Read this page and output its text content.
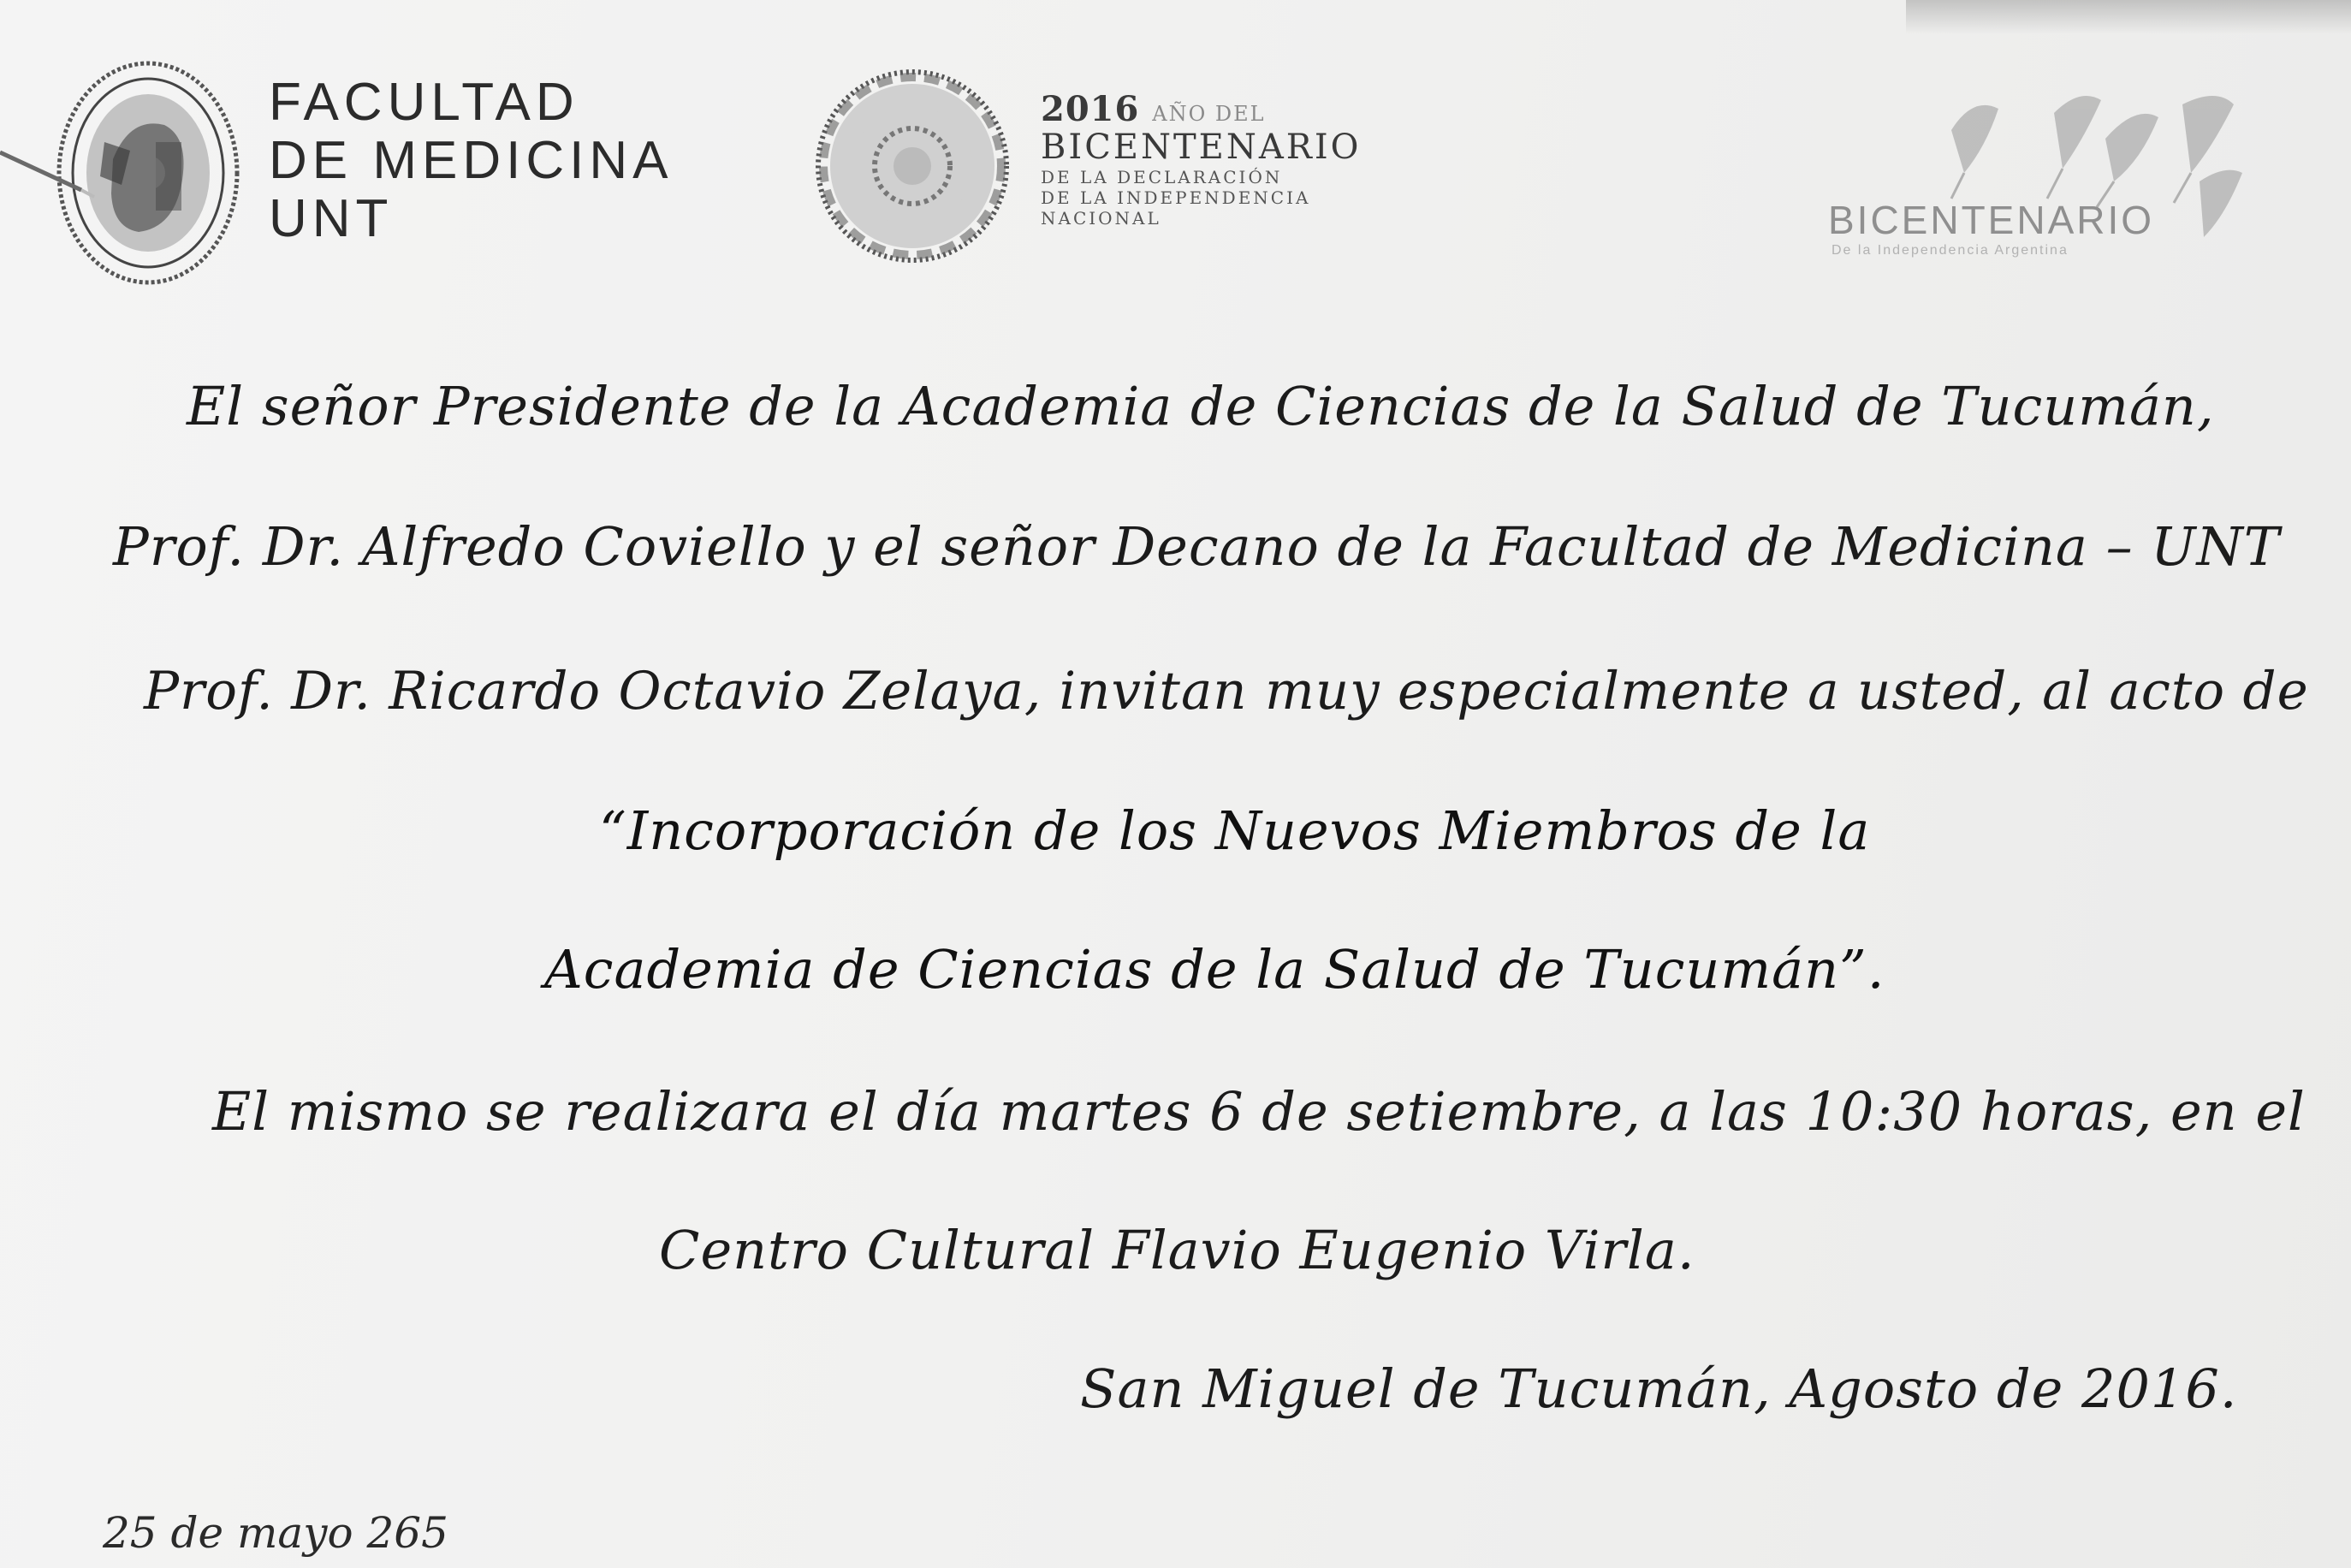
FACULTAD
DE MEDICINA
UNT
2016 AÑO DEL
BICENTENARIO
DE LA DECLARACIÓN
DE LA INDEPENDENCIA
NACIONAL	BICENTENARIO
De la Independencia Argentina
El señor Presidente de la Academia de Ciencias de la Salud de Tucumán,
Prof. Dr. Alfredo Coviello y el señor Decano de la Facultad de Medicina – UNT
Prof. Dr. Ricardo Octavio Zelaya, invitan muy especialmente a usted, al acto de
“Incorporación de los Nuevos Miembros de la
Academia de Ciencias de la Salud de Tucumán”.
El mismo se realizara el día martes 6 de setiembre, a las 10:30 horas, en el
Centro Cultural Flavio Eugenio Virla.
San Miguel de Tucumán, Agosto de 2016.
25 de mayo 265
